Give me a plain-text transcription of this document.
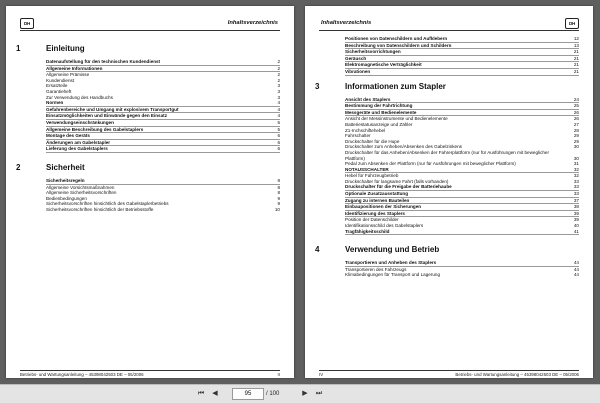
DH	Inhaltsverzeichnis
1	Einleitung
Datenaufstellung für den technischen Kundendienst	2
Allgemeine Informationen	2
Allgemeine Prämisse	2
Kundendienst	2
Ersatzteile	3
Garantieheft	3
Zur Verwendung des Handbuchs	3
Normen	4
Gefahrenbereiche und Umgang mit explosivem Transportgut	4
Einsatzmöglichkeiten und Einwände gegen den Einsatz	4
Verwendungseinschränkungen	5
Allgemeine Beschreibung des Gabelstaplers	5
Montage des Geräts	6
Änderungen am Gabelstapler	6
Lieferung des Gabelstaplers	6
2	Sicherheit
Sicherheitsregeln	8
Allgemeine Vorsichtsmaßnahmen	8
Allgemeine Sicherheitsvorschriften	8
Bedienbedingungen	9
Sicherheitsvorschriften hinsichtlich des Gabelstaplerbetriebs	9
Sicherheitsvorschriften hinsichtlich der Betriebsstoffe	10
Betriebs- und Wartungsanleitung – 45398042503 DE – 05/2006	II
DH
Inhaltsverzeichnis
Positionen von Datenschildern und Aufklebern	12
Beschreibung von Datenschildern und Schildern	13
Sicherheitsvorrichtungen	21
Geräusch	21
Elektromagnetische Verträglichkeit	21
Vibrationen	21
3	Informationen zum Stapler
Ansicht des Staplers	24
Bestimmung der Fahrtrichtung	25
Messgeräte und Bedienelemente	26
Ansicht der Messinstrumente und Bedienelemente	26
Batteriestatusanzeige und Zähler	27
Z1-Inchschiftehebel	28
Fahrschalter	29
Druckschalter für die Hupe	29
Druckschalter zum Anheben/Absenken des Gabelzinkens	30
Druckschalter für das Anheben/Absenken der Fahrerplattform (nur für Ausführungen mit beweglicher Plattform)	30
Pedal zum Absenken der Plattform (nur für Ausführungen mit beweglicher Plattform)	31
NOTAUSSCHALTER	32
Hebel für Fahrzeugbetrieb	32
Druckschalter für langsame Fahrt (falls vorhanden)	33
Druckschalter für die Freigabe der Batteriehaube	33
Optionale Zusatzausstattung	33
Zugang zu internen Bauteilen	37
Einbaupositionen der Sicherungen	38
Identifizierung des Staplers	39
Position der Datenschilder	39
Identifikationsschild des Gabelstaplers	40
Tragfähigkeitsschild	41
4	Verwendung und Betrieb
Transportieren und Anheben des Staplers	44
Transportieren des Fahrzeugs	44
Klimabedingungen für Transport und Lagerung	44
IV	Betriebs- und Wartungsanleitung – 45398042503 DE – 05/2006
⏮	◀	95	/ 100	▶	⏭
